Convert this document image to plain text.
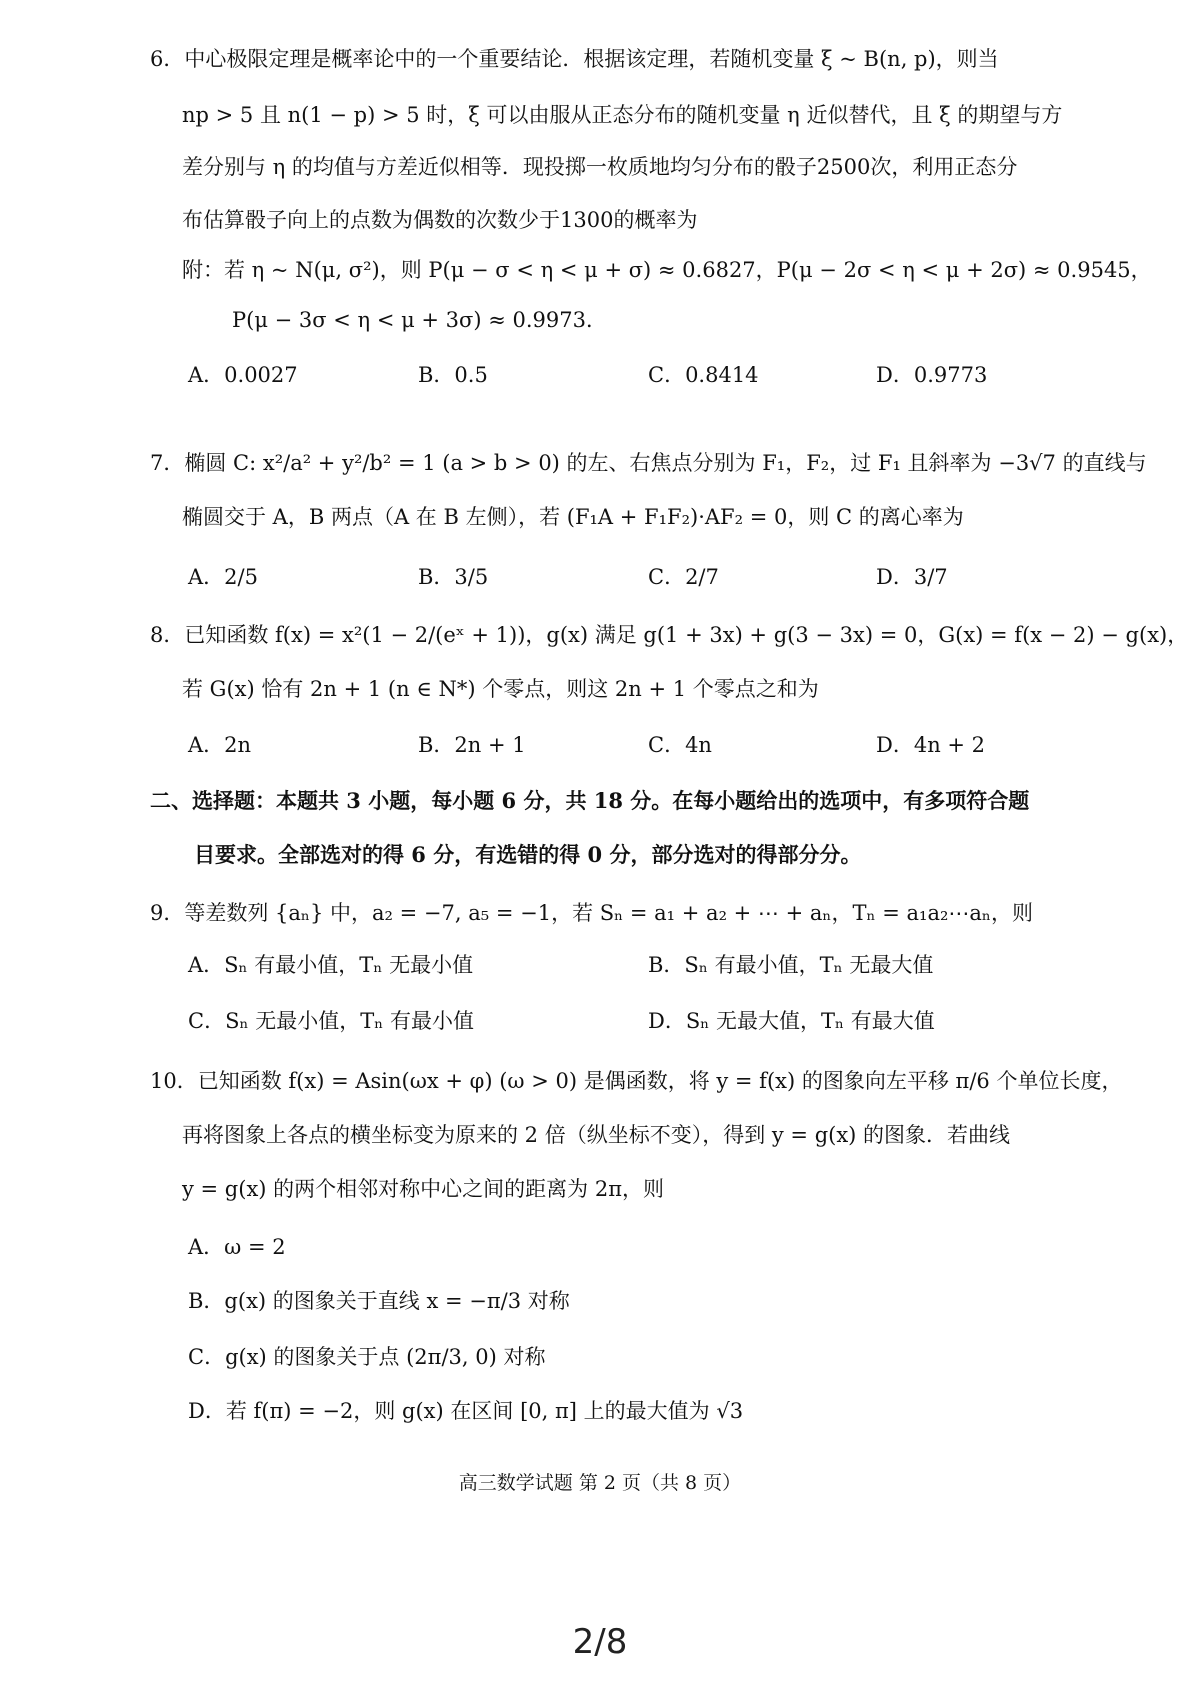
6．中心极限定理是概率论中的一个重要结论．根据该定理，若随机变量 ξ ~ B(n, p)，则当
np > 5 且 n(1 − p) > 5 时，ξ 可以由服从正态分布的随机变量 η 近似替代，且 ξ 的期望与方
差分别与 η 的均值与方差近似相等．现投掷一枚质地均匀分布的骰子2500次，利用正态分
布估算骰子向上的点数为偶数的次数少于1300的概率为
附：若 η ~ N(μ, σ²)，则 P(μ − σ < η < μ + σ) ≈ 0.6827，P(μ − 2σ < η < μ + 2σ) ≈ 0.9545，
P(μ − 3σ < η < μ + 3σ) ≈ 0.9973．
A．0.0027	B．0.5	C．0.8414	D．0.9773
7．椭圆 C: x²/a² + y²/b² = 1 (a > b > 0) 的左、右焦点分别为 F₁，F₂，过 F₁ 且斜率为 −3√7 的直线与
椭圆交于 A，B 两点（A 在 B 左侧），若 (F₁A + F₁F₂)·AF₂ = 0，则 C 的离心率为
A．2/5	B．3/5	C．2/7	D．3/7
8．已知函数 f(x) = x²(1 − 2/(eˣ + 1))，g(x) 满足 g(1 + 3x) + g(3 − 3x) = 0，G(x) = f(x − 2) − g(x)，
若 G(x) 恰有 2n + 1 (n ∈ N*) 个零点，则这 2n + 1 个零点之和为
A．2n	B．2n + 1	C．4n	D．4n + 2
二、选择题：本题共 3 小题，每小题 6 分，共 18 分。在每小题给出的选项中，有多项符合题
目要求。全部选对的得 6 分，有选错的得 0 分，部分选对的得部分分。
9．等差数列 {aₙ} 中，a₂ = −7, a₅ = −1，若 Sₙ = a₁ + a₂ + ⋯ + aₙ，Tₙ = a₁a₂⋯aₙ，则
A．Sₙ 有最小值，Tₙ 无最小值	B．Sₙ 有最小值，Tₙ 无最大值
C．Sₙ 无最小值，Tₙ 有最小值	D．Sₙ 无最大值，Tₙ 有最大值
10．已知函数 f(x) = Asin(ωx + φ) (ω > 0) 是偶函数，将 y = f(x) 的图象向左平移 π/6 个单位长度，
再将图象上各点的横坐标变为原来的 2 倍（纵坐标不变），得到 y = g(x) 的图象．若曲线
y = g(x) 的两个相邻对称中心之间的距离为 2π，则
A．ω = 2
B．g(x) 的图象关于直线 x = −π/3 对称
C．g(x) 的图象关于点 (2π/3, 0) 对称
D．若 f(π) = −2，则 g(x) 在区间 [0, π] 上的最大值为 √3
高三数学试题 第 2 页（共 8 页）
2/8
